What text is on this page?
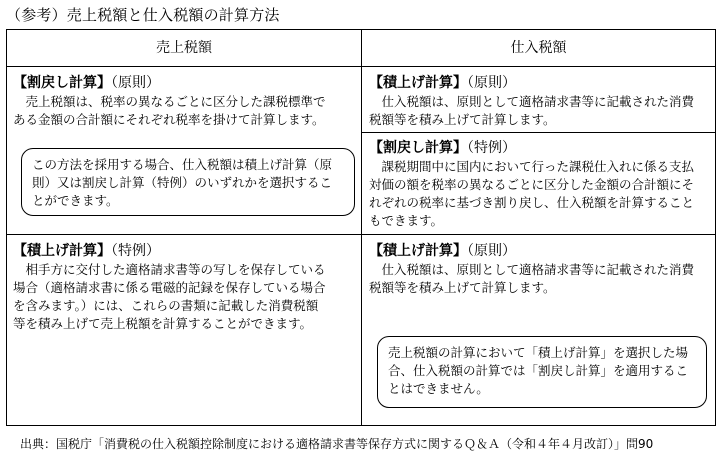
（参考）売上税額と仕入税額の計算方法
売上税額	仕入税額
【割戻し計算】（原則）
　売上税額は、税率の異なるごとに区分した課税標準で
ある金額の合計額にそれぞれ税率を掛けて計算します。
この方法を採用する場合、仕入税額は積上げ計算（原
則）又は割戻し計算（特例）のいずれかを選択するこ
とができます。
【積上げ計算】（原則）
　仕入税額は、原則として適格請求書等に記載された消費
税額等を積み上げて計算します。
【割戻し計算】（特例）
　課税期間中に国内において行った課税仕入れに係る支払
対価の額を税率の異なるごとに区分した金額の合計額にそ
れぞれの税率に基づき割り戻し、仕入税額を計算すること
もできます。
【積上げ計算】（特例）
　相手方に交付した適格請求書等の写しを保存している
場合（適格請求書に係る電磁的記録を保存している場合
を含みます。）には、これらの書類に記載した消費税額
等を積み上げて売上税額を計算することができます。
【積上げ計算】（原則）
　仕入税額は、原則として適格請求書等に記載された消費
税額等を積み上げて計算します。
売上税額の計算において「積上げ計算」を選択した場
合、仕入税額の計算では「割戻し計算」を適用するこ
とはできません。
出典：国税庁「消費税の仕入税額控除制度における適格請求書等保存方式に関するＱ＆Ａ（令和４年４月改訂）」問90
